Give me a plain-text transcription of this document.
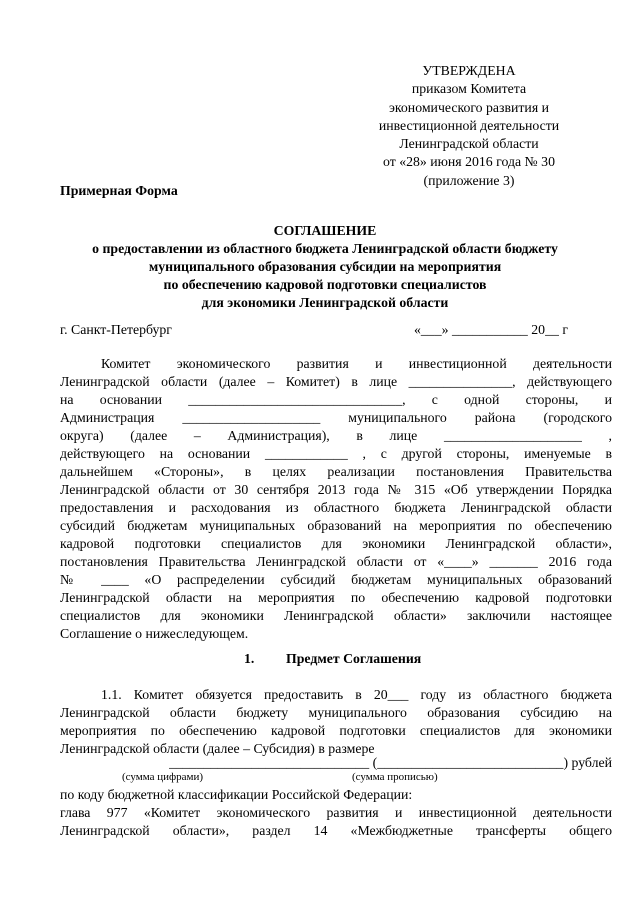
УТВЕРЖДЕНА
приказом Комитета
экономического развития и
инвестиционной деятельности
Ленинградской области
от «28» июня 2016 года № 30
(приложение 3)
Примерная Форма
СОГЛАШЕНИЕ
о предоставлении из областного бюджета Ленинградской области бюджету
муниципального образования субсидии на мероприятия
по обеспечению кадровой подготовки специалистов
для экономики Ленинградской области
г. Санкт-Петербург	«___» ___________ 20__ г
Комитет экономического развития и инвестиционной деятельности
Ленинградской области (далее – Комитет) в лице _______________, действующего
на основании _______________________________, с одной стороны, и
Администрация ____________________ муниципального района (городского
округа) (далее – Администрация), в лице ____________________ ,
действующего на основании ____________ , с другой стороны, именуемые в
дальнейшем «Стороны», в целях реализации постановления Правительства
Ленинградской области от 30 сентября 2013 года № 315 «Об утверждении Порядка
предоставления и расходования из областного бюджета Ленинградской области
субсидий бюджетам муниципальных образований на мероприятия по обеспечению
кадровой подготовки специалистов для экономики Ленинградской области»,
постановления Правительства Ленинградской области от «____» _______ 2016 года
№ ____ «О распределении субсидий бюджетам муниципальных образований
Ленинградской области на мероприятия по обеспечению кадровой подготовки
специалистов для экономики Ленинградской области» заключили настоящее
Соглашение о нижеследующем.
1. Предмет Соглашения
1.1. Комитет обязуется предоставить в 20___ году из областного бюджета
Ленинградской области бюджету муниципального образования субсидию на
мероприятия по обеспечению кадровой подготовки специалистов для экономики
Ленинградской области (далее – Субсидия) в размере
_____________________________ (___________________________) рублей
(сумма цифрами)	(сумма прописью)
по коду бюджетной классификации Российской Федерации:
глава 977 «Комитет экономического развития и инвестиционной деятельности
Ленинградской области», раздел 14 «Межбюджетные трансферты общего
